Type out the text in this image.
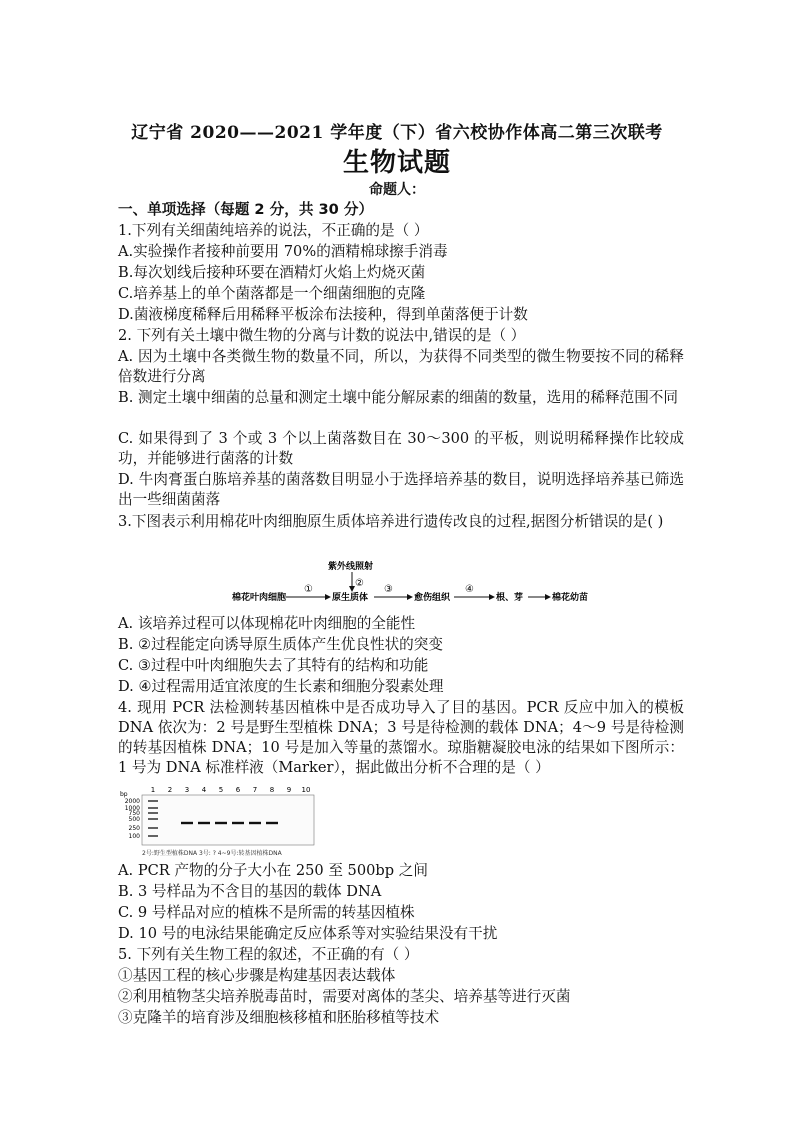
辽宁省 2020——2021 学年度（下）省六校协作体高二第三次联考
生物试题
命题人：
一、单项选择（每题 2 分，共 30 分）
1.下列有关细菌纯培养的说法，不正确的是（ ）
A.实验操作者接种前要用 70%的酒精棉球擦手消毒
B.每次划线后接种环要在酒精灯火焰上灼烧灭菌
C.培养基上的单个菌落都是一个细菌细胞的克隆
D.菌液梯度稀释后用稀释平板涂布法接种，得到单菌落便于计数
2. 下列有关土壤中微生物的分离与计数的说法中,错误的是（ ）
A. 因为土壤中各类微生物的数量不同，所以，为获得不同类型的微生物要按不同的稀释倍数进行分离
B. 测定土壤中细菌的总量和测定土壤中能分解尿素的细菌的数量，选用的稀释范围不同
C. 如果得到了 3 个或 3 个以上菌落数目在 30～300 的平板，则说明稀释操作比较成功，并能够进行菌落的计数
D. 牛肉膏蛋白胨培养基的菌落数目明显小于选择培养基的数目，说明选择培养基已筛选出一些细菌菌落
3.下图表示利用棉花叶肉细胞原生质体培养进行遗传改良的过程,据图分析错误的是( )
紫外线照射
②
棉花叶肉细胞
①
原生质体
③
愈伤组织
④
根、芽	棉花幼苗
A. 该培养过程可以体现棉花叶肉细胞的全能性
B. ②过程能定向诱导原生质体产生优良性状的突变
C. ③过程中叶肉细胞失去了其特有的结构和功能
D. ④过程需用适宜浓度的生长素和细胞分裂素处理
4. 现用 PCR 法检测转基因植株中是否成功导入了目的基因。PCR 反应中加入的模板 DNA 依次为：2 号是野生型植株 DNA；3 号是待检测的载体 DNA；4～9 号是待检测的转基因植株 DNA；10 号是加入等量的蒸馏水。琼脂糖凝胶电泳的结果如下图所示：1 号为 DNA 标准样液（Marker），据此做出分析不合理的是（ ）
bp
2000
1000
750
500
250
100
1 2 3 4 5 6 7 8 9 10
2号:野生型植株DNA 3号: ? 4~9号:转基因植株DNA
A. PCR 产物的分子大小在 250 至 500bp 之间
B. 3 号样品为不含目的基因的载体 DNA
C. 9 号样品对应的植株不是所需的转基因植株
D. 10 号的电泳结果能确定反应体系等对实验结果没有干扰
5. 下列有关生物工程的叙述，不正确的有（ ）
①基因工程的核心步骤是构建基因表达载体
②利用植物茎尖培养脱毒苗时，需要对离体的茎尖、培养基等进行灭菌
③克隆羊的培育涉及细胞核移植和胚胎移植等技术
